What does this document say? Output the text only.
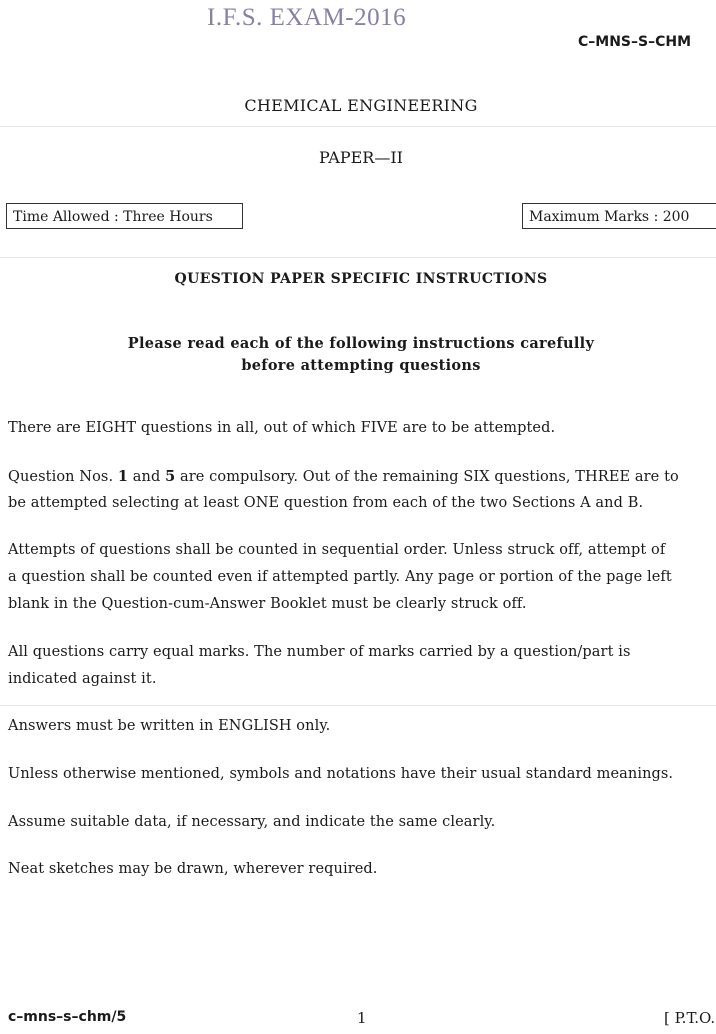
I.F.S. EXAM-2016
C–MNS–S–CHM
CHEMICAL ENGINEERING
PAPER—II
Time Allowed : Three Hours	Maximum Marks : 200
QUESTION PAPER SPECIFIC INSTRUCTIONS
Please read each of the following instructions carefully
before attempting questions
There are EIGHT questions in all, out of which FIVE are to be attempted.
Question Nos. 1 and 5 are compulsory. Out of the remaining SIX questions, THREE are to
be attempted selecting at least ONE question from each of the two Sections A and B.
Attempts of questions shall be counted in sequential order. Unless struck off, attempt of
a question shall be counted even if attempted partly. Any page or portion of the page left
blank in the Question-cum-Answer Booklet must be clearly struck off.
All questions carry equal marks. The number of marks carried by a question/part is
indicated against it.
Answers must be written in ENGLISH only.
Unless otherwise mentioned, symbols and notations have their usual standard meanings.
Assume suitable data, if necessary, and indicate the same clearly.
Neat sketches may be drawn, wherever required.
c–mns–s–chm/5	1	[ P.T.O.
